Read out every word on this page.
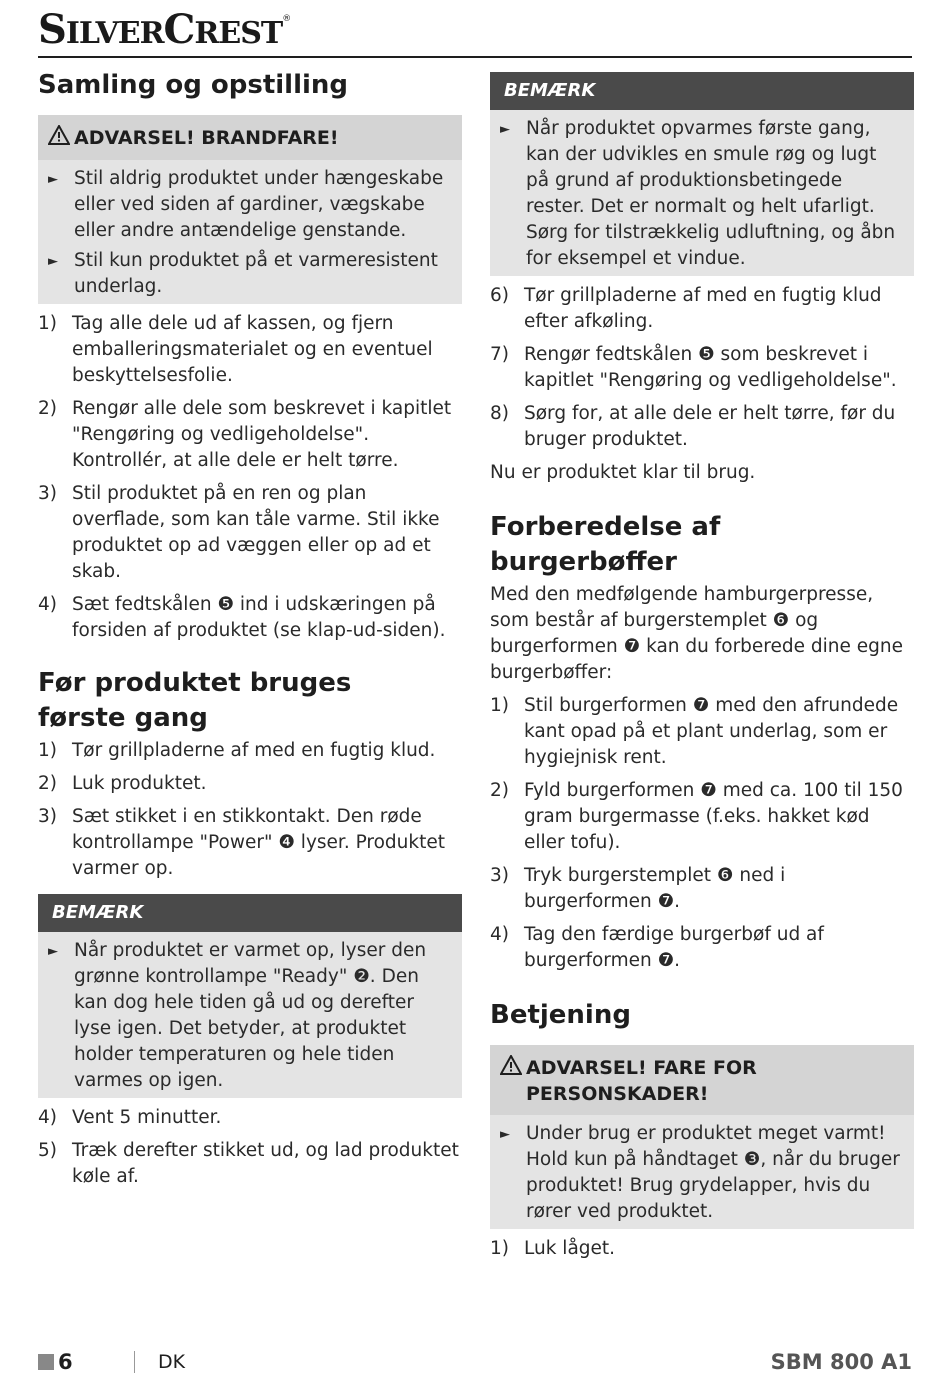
SILVERCREST®
Samling og opstilling
ADVARSEL! BRANDFARE!
► Stil aldrig produktet under hængeskabe eller ved siden af gardiner, vægskabe eller andre antændelige genstande.
► Stil kun produktet på et varmeresistent underlag.
1) Tag alle dele ud af kassen, og fjern emballeringsmaterialet og en eventuel beskyttelsesfolie.
2) Rengør alle dele som beskrevet i kapitlet "Rengøring og vedligeholdelse". Kontrollér, at alle dele er helt tørre.
3) Stil produktet på en ren og plan overflade, som kan tåle varme. Stil ikke produktet op ad væggen eller op ad et skab.
4) Sæt fedtskålen ❺ ind i udskæringen på forsiden af produktet (se klap-ud-siden).
Før produktet bruges første gang
1) Tør grillpladerne af med en fugtig klud.
2) Luk produktet.
3) Sæt stikket i en stikkontakt. Den røde kontrollampe "Power" ❹ lyser. Produktet varmer op.
BEMÆRK
► Når produktet er varmet op, lyser den grønne kontrollampe "Ready" ❷. Den kan dog hele tiden gå ud og derefter lyse igen. Det betyder, at produktet holder temperaturen og hele tiden varmes op igen.
4) Vent 5 minutter.
5) Træk derefter stikket ud, og lad produktet køle af.
BEMÆRK
► Når produktet opvarmes første gang, kan der udvikles en smule røg og lugt på grund af produktionsbetingede rester. Det er normalt og helt ufarligt. Sørg for tilstrækkelig udluftning, og åbn for eksempel et vindue.
6) Tør grillpladerne af med en fugtig klud efter afkøling.
7) Rengør fedtskålen ❺ som beskrevet i kapitlet "Rengøring og vedligeholdelse".
8) Sørg for, at alle dele er helt tørre, før du bruger produktet.
Nu er produktet klar til brug.
Forberedelse af burgerbøffer
Med den medfølgende hamburgerpresse, som består af burgerstemplet ❻ og burgerformen ❼ kan du forberede dine egne burgerbøffer:
1) Stil burgerformen ❼ med den afrundede kant opad på et plant underlag, som er hygiejnisk rent.
2) Fyld burgerformen ❼ med ca. 100 til 150 gram burgermasse (f.eks. hakket kød eller tofu).
3) Tryk burgerstemplet ❻ ned i burgerformen ❼.
4) Tag den færdige burgerbøf ud af burgerformen ❼.
Betjening
ADVARSEL! FARE FOR PERSONSKADER!
► Under brug er produktet meget varmt! Hold kun på håndtaget ❸, når du bruger produktet! Brug grydelapper, hvis du rører ved produktet.
1) Luk låget.
6	DK	SBM 800 A1
